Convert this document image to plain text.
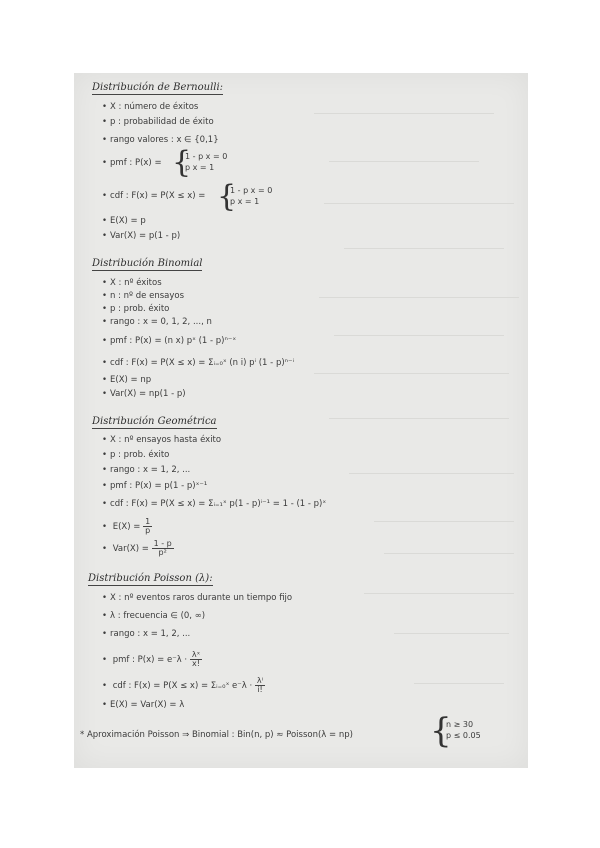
Distribución de Bernoulli:
• X : número de éxitos
• p : probabilidad de éxito
• rango valores : x ∈ {0,1}
• pmf : P(x) = {
1 - p x = 0
p x = 1
• cdf : F(x) = P(X ≤ x) = {
1 - p x = 0
p x = 1
• E(X) = p
• Var(X) = p(1 - p)
Distribución Binomial
• X : nº éxitos
• n : nº de ensayos
• p : prob. éxito
• rango : x = 0, 1, 2, ..., n
• pmf : P(x) = (n x) pˣ (1 - p)ⁿ⁻ˣ
• cdf : F(x) = P(X ≤ x) = Σᵢ₌₀ˣ (n i) pⁱ (1 - p)ⁿ⁻ⁱ
• E(X) = np
• Var(X) = np(1 - p)
Distribución Geométrica
• X : nº ensayos hasta éxito
• p : prob. éxito
• rango : x = 1, 2, ...
• pmf : P(x) = p(1 - p)ˣ⁻¹
• cdf : F(x) = P(X ≤ x) = Σᵢ₌₁ˣ p(1 - p)ⁱ⁻¹ = 1 - (1 - p)ˣ
• $E(X) = \frac{1}{p}$
• $Var(X) = \frac{1 - p}{\text{p²}}$
Distribución Poisson (λ):
• X : nº eventos raros durante un tiempo fijo
• λ : frecuencia ∈ (0, ∞)
• rango : x = 1, 2, ...
• pmf : $P(x) = e^-\lambda \cdot \frac{\text{λˣ}}{x!}$
• cdf : F(x) = P(X ≤ x) = Σᵢ₌₀ˣ $e^-\lambda \cdot \frac{\text{λⁱ}}{i!}$
• E(X) = Var(X) = λ
* Aproximación Poisson ⇒ Binomial : Bin(n, p) ≈ Poisson(λ = np) {
n ≥ 30
p ≤ 0.05
